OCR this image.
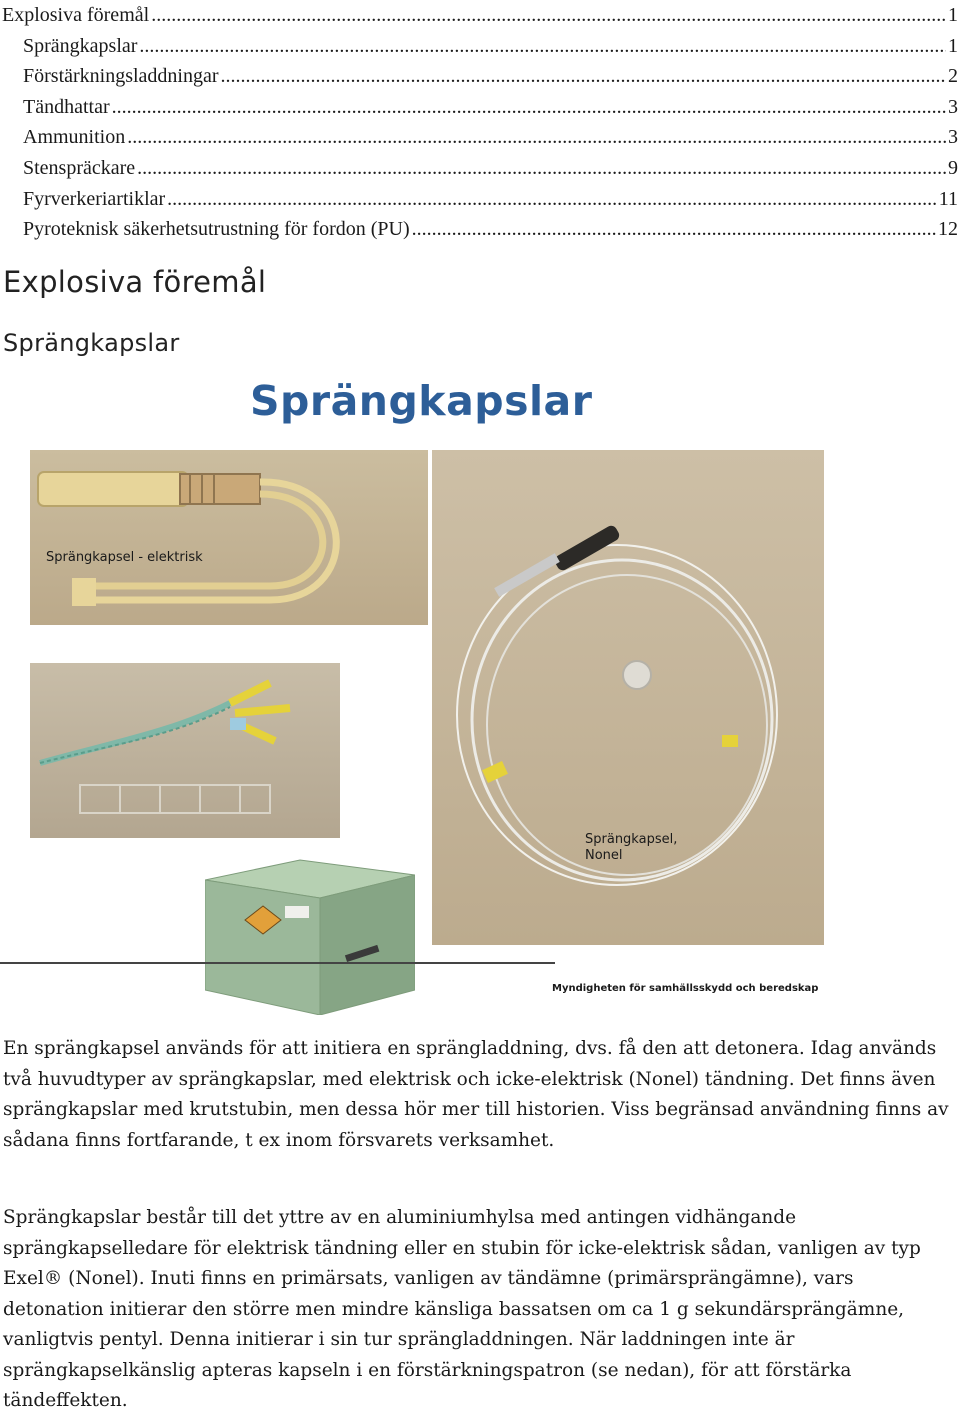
Explosiva föremål .....	1
Sprängkapslar .....	1
Förstärkningsladdningar .....	2
Tändhattar .....	3
Ammunition .....	3
Stenspräckare .....	9
Fyrverkeriartiklar .....	11
Pyroteknisk säkerhetsutrustning för fordon (PU) .....	12
Explosiva föremål
Sprängkapslar
Sprängkapslar
Sprängkapsel - elektrisk
Sprängkapsel,
Nonel
Myndigheten för samhällsskydd och beredskap

En sprängkapsel används för att initiera en sprängladdning, dvs. få den att detonera. Idag används två huvudtyper av sprängkapslar, med elektrisk och icke-elektrisk (Nonel) tändning. Det finns även sprängkapslar med krutstubin, men dessa hör mer till historien. Viss begränsad användning finns av sådana finns fortfarande, t ex inom försvarets verksamhet.

Sprängkapslar består till det yttre av en aluminiumhylsa med antingen vidhängande sprängkapselledare för elektrisk tändning eller en stubin för icke-elektrisk sådan, vanligen av typ Exel® (Nonel). Inuti finns en primärsats, vanligen av tändämne (primärsprängämne), vars detonation initierar den större men mindre känsliga bassatsen om ca 1 g sekundärsprängämne, vanligtvis pentyl. Denna initierar i sin tur sprängladdningen. När laddningen inte är sprängkapselkänslig apteras kapseln i en förstärkningspatron (se nedan), för att förstärka tändeffekten.
